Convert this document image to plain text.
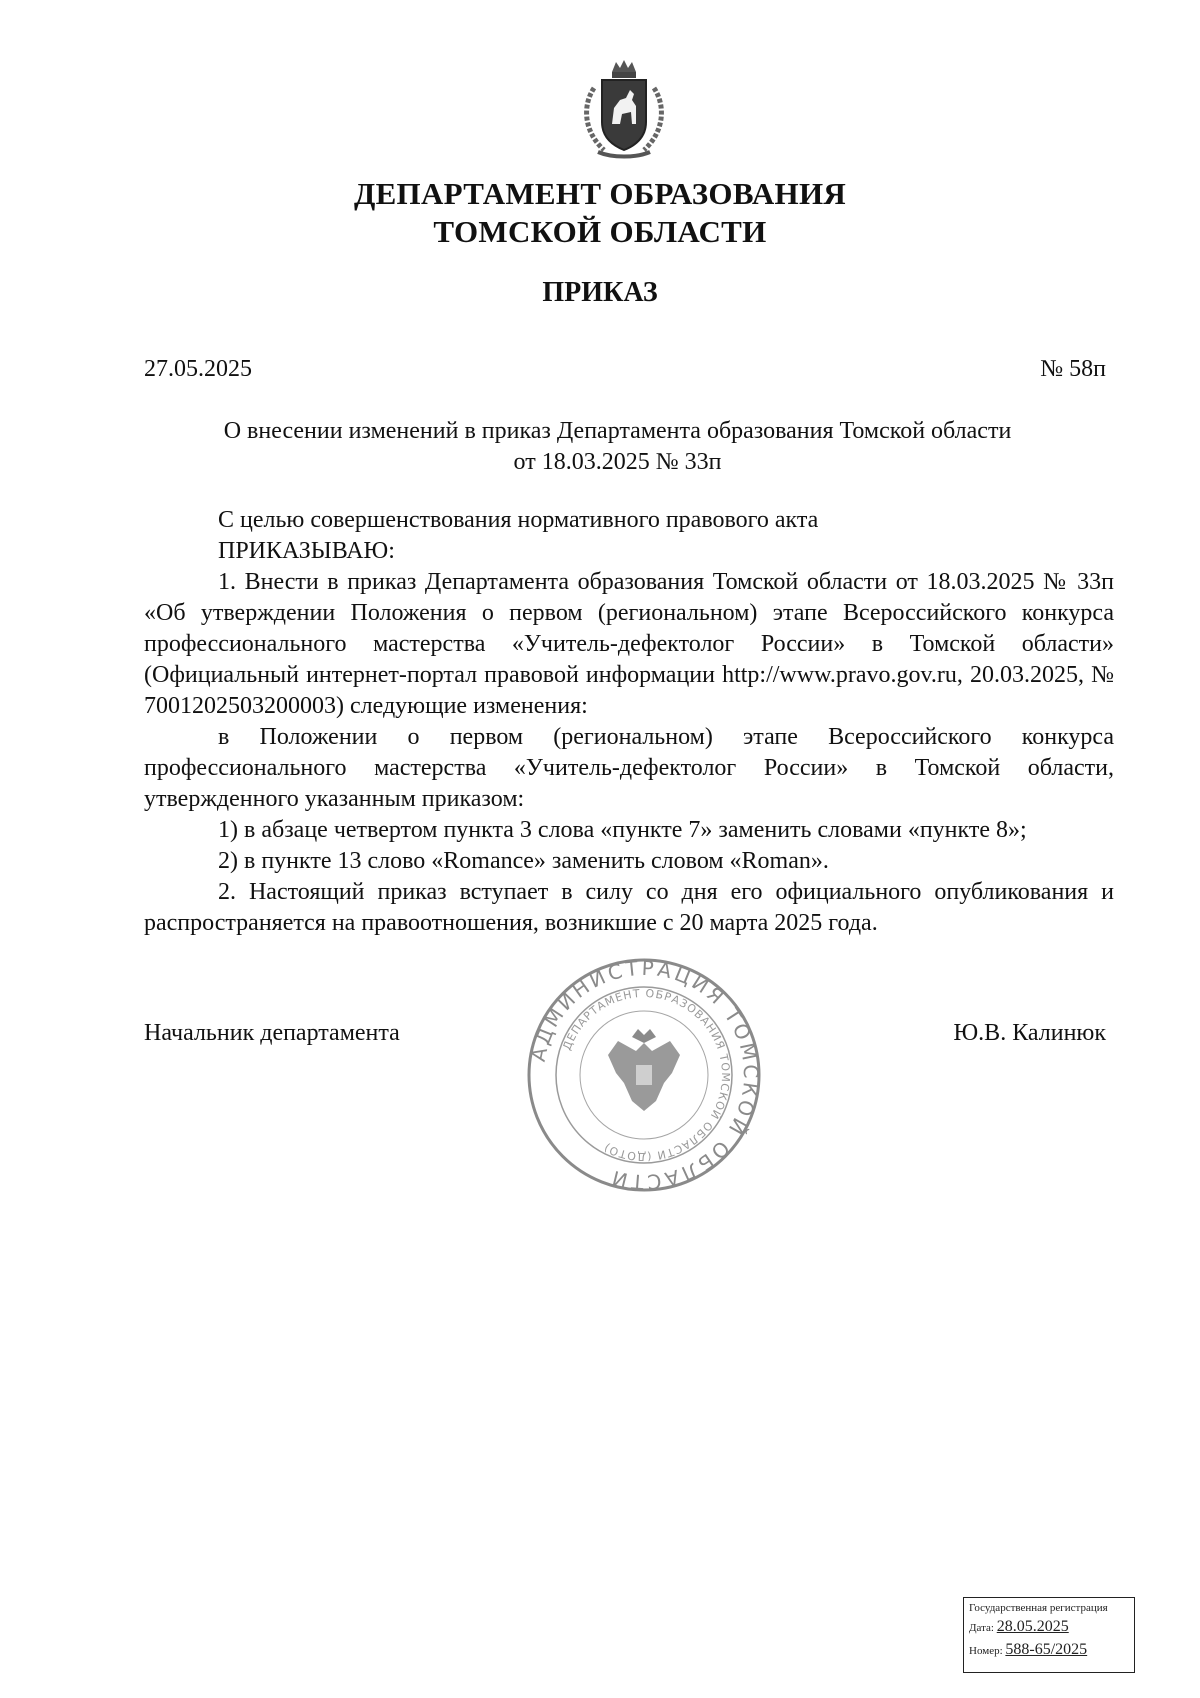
ДЕПАРТАМЕНТ ОБРАЗОВАНИЯ
ТОМСКОЙ ОБЛАСТИ
ПРИКАЗ
27.05.2025	№ 58п
О внесении изменений в приказ Департамента образования Томской области
от 18.03.2025 № 33п

С целью совершенствования нормативного правового акта

ПРИКАЗЫВАЮ:

1. Внести в приказ Департамента образования Томской области от 18.03.2025 № 33п «Об утверждении Положения о первом (региональном) этапе Всероссийского конкурса профессионального мастерства «Учитель-дефектолог России» в Томской области» (Официальный интернет-портал правовой информации http://www.pravo.gov.ru, 20.03.2025, № 7001202503200003) следующие изменения:

в Положении о первом (региональном) этапе Всероссийского конкурса профессионального мастерства «Учитель-дефектолог России» в Томской области, утвержденного указанным приказом:

1) в абзаце четвертом пункта 3 слова «пункте 7» заменить словами «пункте 8»;

2) в пункте 13 слово «Romance» заменить словом «Roman».

2. Настоящий приказ вступает в силу со дня его официального опубликования и распространяется на правоотношения, возникшие с 20 марта 2025 года.

Начальник департамента	Ю.В. Калинюк
АДМИНИСТРАЦИЯ ТОМСКОЙ ОБЛАСТИ
ДЕПАРТАМЕНТ ОБРАЗОВАНИЯ ТОМСКОЙ ОБЛАСТИ (ДОТО)
Государственная регистрация
Дата: 28.05.2025
Номер: 588-65/2025
